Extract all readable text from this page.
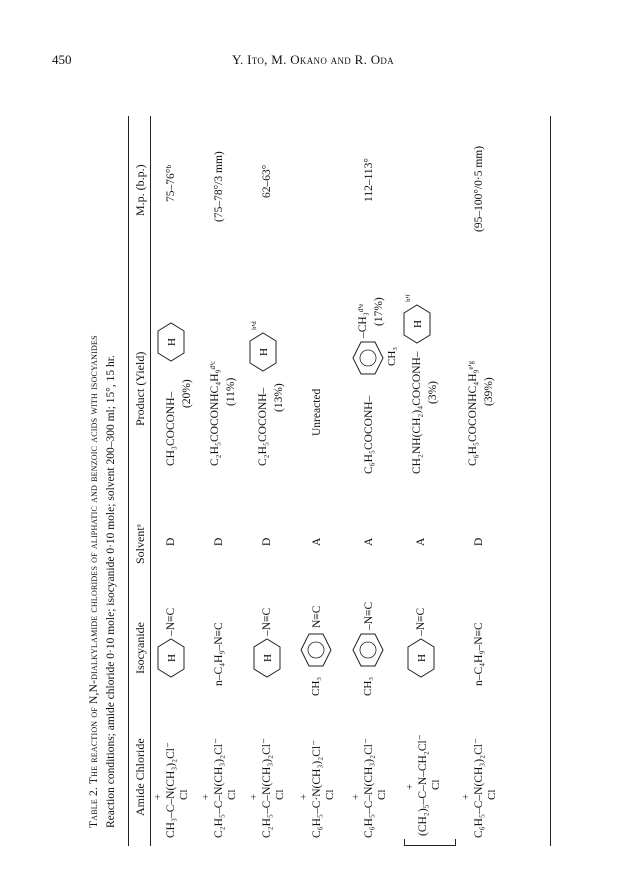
450	Y. Ito, M. Okano and R. Oda
Table 2. The reaction of N,N-dialkylamide chlorides of aliphatic and benzoic acids with isocyanides Reaction conditions; amide chloride 0·10 mole; isocyanide 0·10 mole; solvent 200–300 ml; 15°, 15 hr. Amide Chloride
Isocyanide
Solventᵃ
Product (Yield)
M.p. (b.p.)
+ CH₃–C–N(CH₃)₂Cl⁻ Cl
H
–N≡C
D
CH₃COCONH–
H
(20%)
75–76°ᵇ
+ C₂H₅–C–N(CH₃)₂Cl⁻ Cl
n–C₄H₉–N≡C
D
C₂H₅COCONHC₄H₉ᵈ'ᶜ (11%)
(75–78°/3 mm)
+ C₂H₅–C–N(CH₃)₂Cl⁻ Cl
H
–N≡C
D
C₂H₅COCONH–
H
ᵇ'ᵈ
(13%)
62–63°
+ C₆H₅–C·N(CH₃)₂Cl⁻ Cl
CH₃
N≡C
A
Unreacted
+ C₆H₅–C–N(CH₃)₂Cl⁻ Cl
CH₃
–N≡C
A
C₆H₅COCONH–
–CH₃ᵈ'ᵉ (17%)
CH₃
112–113°
+ (CH₂)₅–C–N–CH₂Cl⁻ Cl
H
–N≡C
A
CH₂NH(CH₂)₄COCONH–
H
ᵇ'ᶠ
(3%)
+ C₆H₅–C–N(CH₃)₂Cl⁻ Cl
n–C₄H₉–N≡C
D
C₆H₅COCONHC₄H₉ᵉ'ᵍ (39%)
(95–100°/0·5 mm)
